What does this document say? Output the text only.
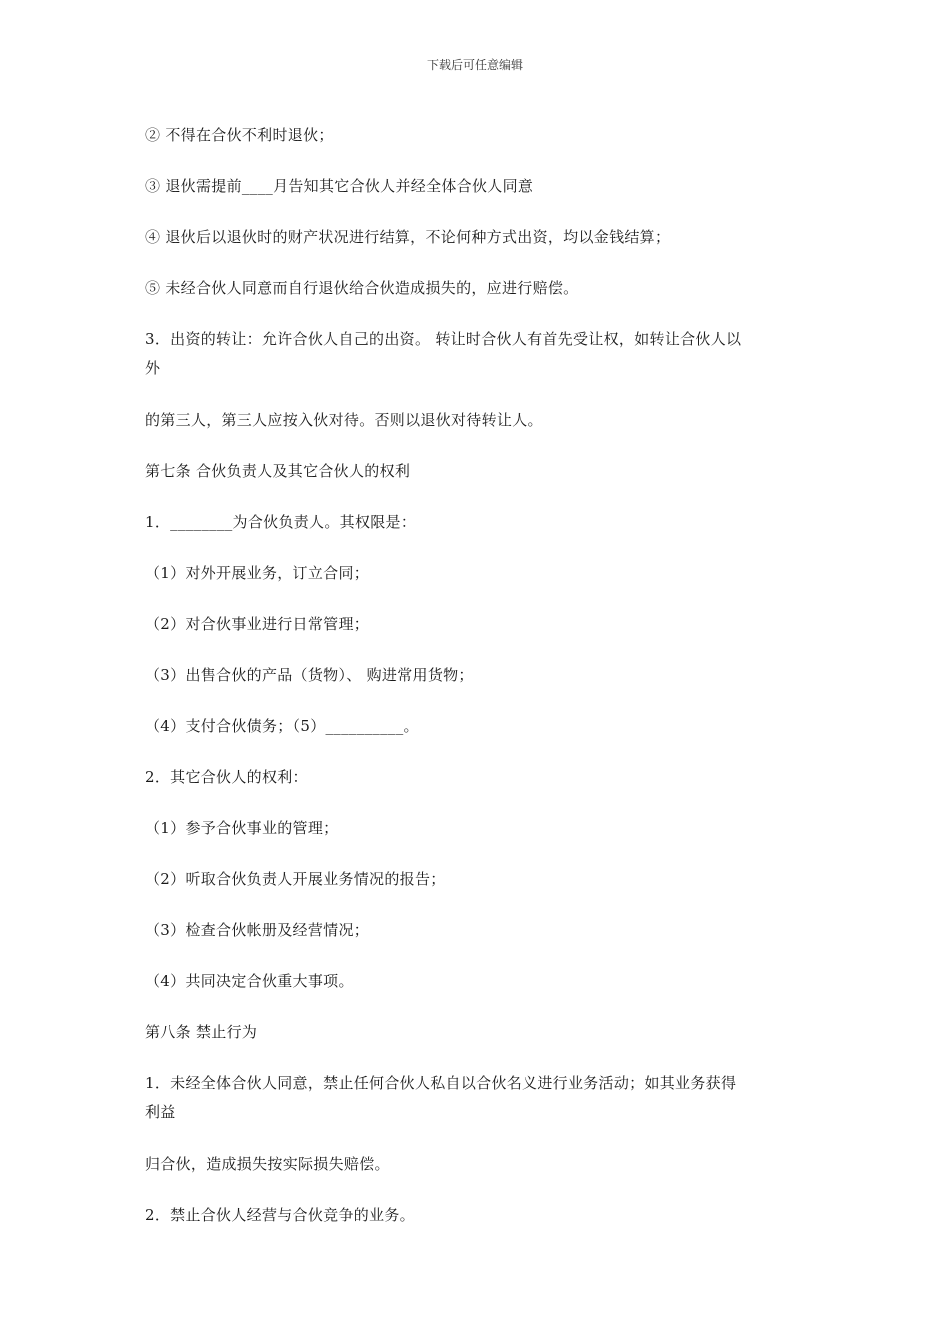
下载后可任意编辑
② 不得在合伙不利时退伙；
③ 退伙需提前____月告知其它合伙人并经全体合伙人同意
④ 退伙后以退伙时的财产状况进行结算，不论何种方式出资，均以金钱结算；
⑤ 未经合伙人同意而自行退伙给合伙造成损失的，应进行赔偿。
3．出资的转让：允许合伙人自己的出资。 转让时合伙人有首先受让权，如转让合伙人以
外
的第三人，第三人应按入伙对待。否则以退伙对待转让人。
第七条 合伙负责人及其它合伙人的权利
1．________为合伙负责人。其权限是：
（1）对外开展业务，订立合同；
（2）对合伙事业进行日常管理；
（3）出售合伙的产品（货物）、 购进常用货物；
（4）支付合伙债务；（5）__________。
2．其它合伙人的权利：
（1）参予合伙事业的管理；
（2）听取合伙负责人开展业务情况的报告；
（3）检查合伙帐册及经营情况；
（4）共同决定合伙重大事项。
第八条 禁止行为
1．未经全体合伙人同意，禁止任何合伙人私自以合伙名义进行业务活动；如其业务获得
利益
归合伙，造成损失按实际损失赔偿。
2．禁止合伙人经营与合伙竞争的业务。
